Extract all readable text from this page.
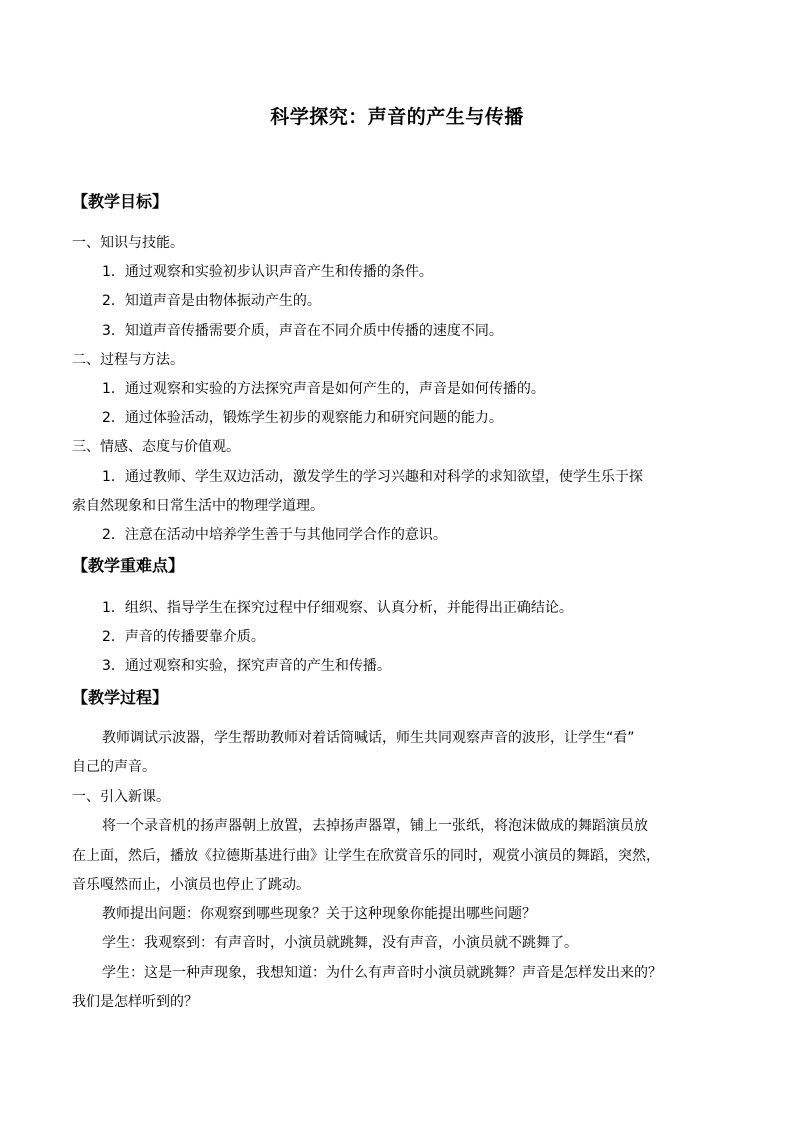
科学探究：声音的产生与传播
【教学目标】
一、知识与技能。
1．通过观察和实验初步认识声音产生和传播的条件。
2．知道声音是由物体振动产生的。
3．知道声音传播需要介质，声音在不同介质中传播的速度不同。
二、过程与方法。
1．通过观察和实验的方法探究声音是如何产生的，声音是如何传播的。
2．通过体验活动，锻炼学生初步的观察能力和研究问题的能力。
三、情感、态度与价值观。
1．通过教师、学生双边活动，激发学生的学习兴趣和对科学的求知欲望，使学生乐于探
索自然现象和日常生活中的物理学道理。
2．注意在活动中培养学生善于与其他同学合作的意识。
【教学重难点】
1．组织、指导学生在探究过程中仔细观察、认真分析，并能得出正确结论。
2．声音的传播要靠介质。
3．通过观察和实验，探究声音的产生和传播。
【教学过程】
教师调试示波器，学生帮助教师对着话筒喊话，师生共同观察声音的波形，让学生“看”
自己的声音。
一、引入新课。
将一个录音机的扬声器朝上放置，去掉扬声器罩，铺上一张纸，将泡沫做成的舞蹈演员放
在上面，然后，播放《拉德斯基进行曲》让学生在欣赏音乐的同时，观赏小演员的舞蹈，突然，
音乐嘎然而止，小演员也停止了跳动。
教师提出问题：你观察到哪些现象？关于这种现象你能提出哪些问题？
学生：我观察到：有声音时，小演员就跳舞，没有声音，小演员就不跳舞了。
学生：这是一种声现象，我想知道：为什么有声音时小演员就跳舞？声音是怎样发出来的？
我们是怎样听到的？
